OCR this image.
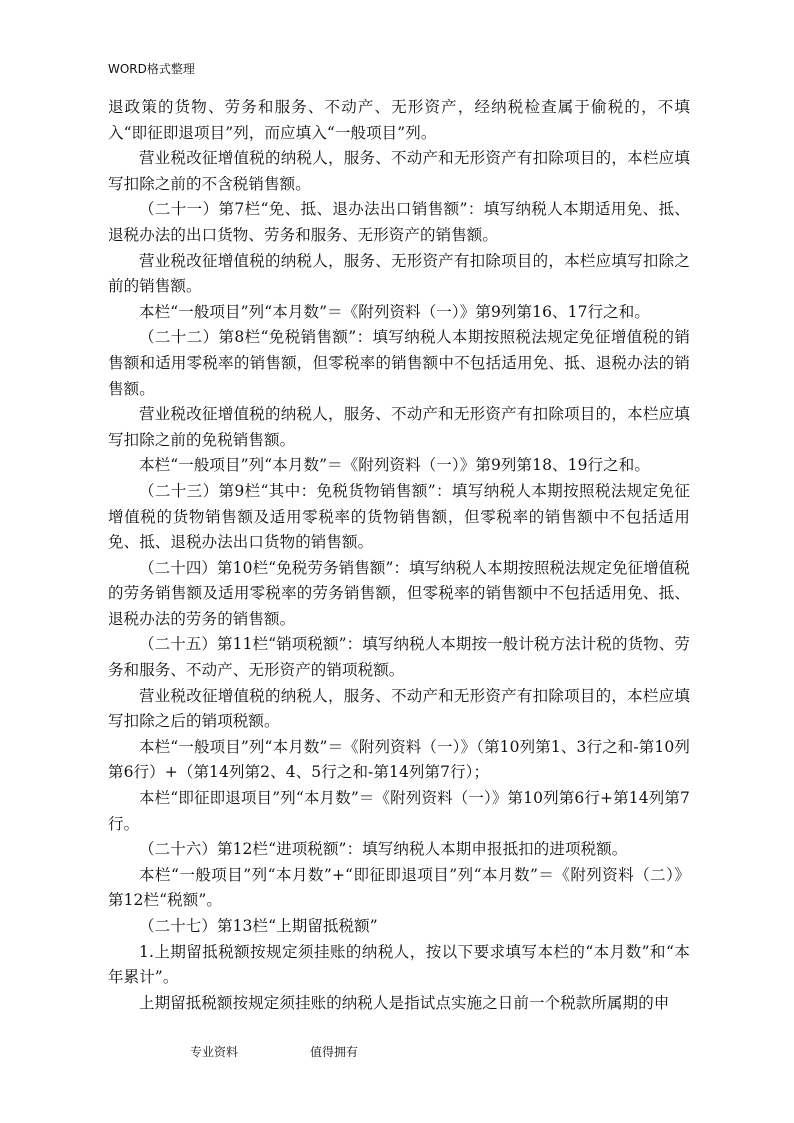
WORD格式整理

退政策的货物、劳务和服务、不动产、无形资产，经纳税检查属于偷税的，不填入“即征即退项目”列，而应填入“一般项目”列。

营业税改征增值税的纳税人，服务、不动产和无形资产有扣除项目的，本栏应填写扣除之前的不含税销售额。

（二十一）第7栏“免、抵、退办法出口销售额”：填写纳税人本期适用免、抵、退税办法的出口货物、劳务和服务、无形资产的销售额。

营业税改征增值税的纳税人，服务、无形资产有扣除项目的，本栏应填写扣除之前的销售额。

本栏“一般项目”列“本月数”＝《附列资料（一）》第9列第16、17行之和。

（二十二）第8栏“免税销售额”：填写纳税人本期按照税法规定免征增值税的销售额和适用零税率的销售额，但零税率的销售额中不包括适用免、抵、退税办法的销售额。

营业税改征增值税的纳税人，服务、不动产和无形资产有扣除项目的，本栏应填写扣除之前的免税销售额。

本栏“一般项目”列“本月数”＝《附列资料（一）》第9列第18、19行之和。

（二十三）第9栏“其中：免税货物销售额”：填写纳税人本期按照税法规定免征增值税的货物销售额及适用零税率的货物销售额，但零税率的销售额中不包括适用免、抵、退税办法出口货物的销售额。

（二十四）第10栏“免税劳务销售额”：填写纳税人本期按照税法规定免征增值税的劳务销售额及适用零税率的劳务销售额，但零税率的销售额中不包括适用免、抵、退税办法的劳务的销售额。

（二十五）第11栏“销项税额”：填写纳税人本期按一般计税方法计税的货物、劳务和服务、不动产、无形资产的销项税额。

营业税改征增值税的纳税人，服务、不动产和无形资产有扣除项目的，本栏应填写扣除之后的销项税额。

本栏“一般项目”列“本月数”＝《附列资料（一）》（第10列第1、3行之和-第10列第6行）+（第14列第2、4、5行之和-第14列第7行）；

本栏“即征即退项目”列“本月数”＝《附列资料（一）》第10列第6行+第14列第7行。

（二十六）第12栏“进项税额”：填写纳税人本期申报抵扣的进项税额。

本栏“一般项目”列“本月数”+“即征即退项目”列“本月数”＝《附列资料（二）》第12栏“税额”。

（二十七）第13栏“上期留抵税额”

1.上期留抵税额按规定须挂账的纳税人，按以下要求填写本栏的“本月数”和“本年累计”。

上期留抵税额按规定须挂账的纳税人是指试点实施之日前一个税款所属期的申

专业资料	值得拥有
